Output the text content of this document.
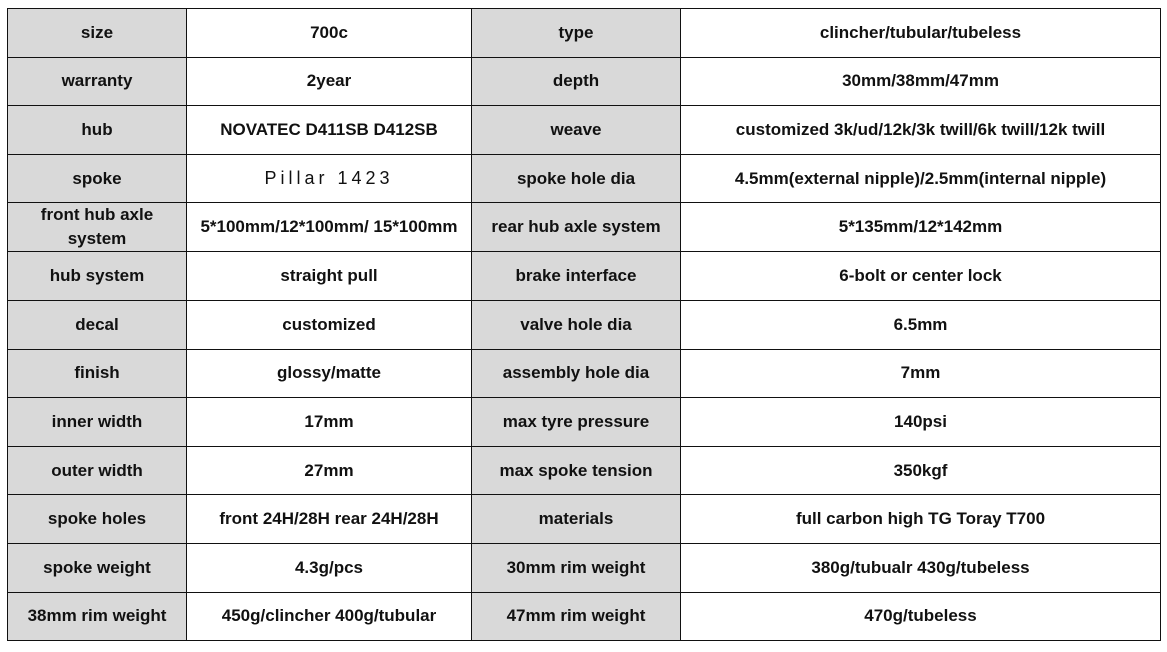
size	700c	type	clincher/tubular/tubeless
warranty	2year	depth	30mm/38mm/47mm
hub	NOVATEC D411SB D412SB	weave	customized 3k/ud/12k/3k twill/6k twill/12k twill
spoke	Pillar 1423	spoke hole dia	4.5mm(external nipple)/2.5mm(internal nipple)
front hub axle system	5*100mm/12*100mm/ 15*100mm	rear hub axle system	5*135mm/12*142mm
hub system	straight pull	brake interface	6-bolt or center lock
decal	customized	valve hole dia	6.5mm
finish	glossy/matte	assembly hole dia	7mm
inner width	17mm	max tyre pressure	140psi
outer width	27mm	max spoke tension	350kgf
spoke holes	front 24H/28H rear 24H/28H	materials	full carbon high TG Toray T700
spoke weight	4.3g/pcs	30mm rim weight	380g/tubualr 430g/tubeless
38mm rim weight	450g/clincher 400g/tubular	47mm rim weight	470g/tubeless
